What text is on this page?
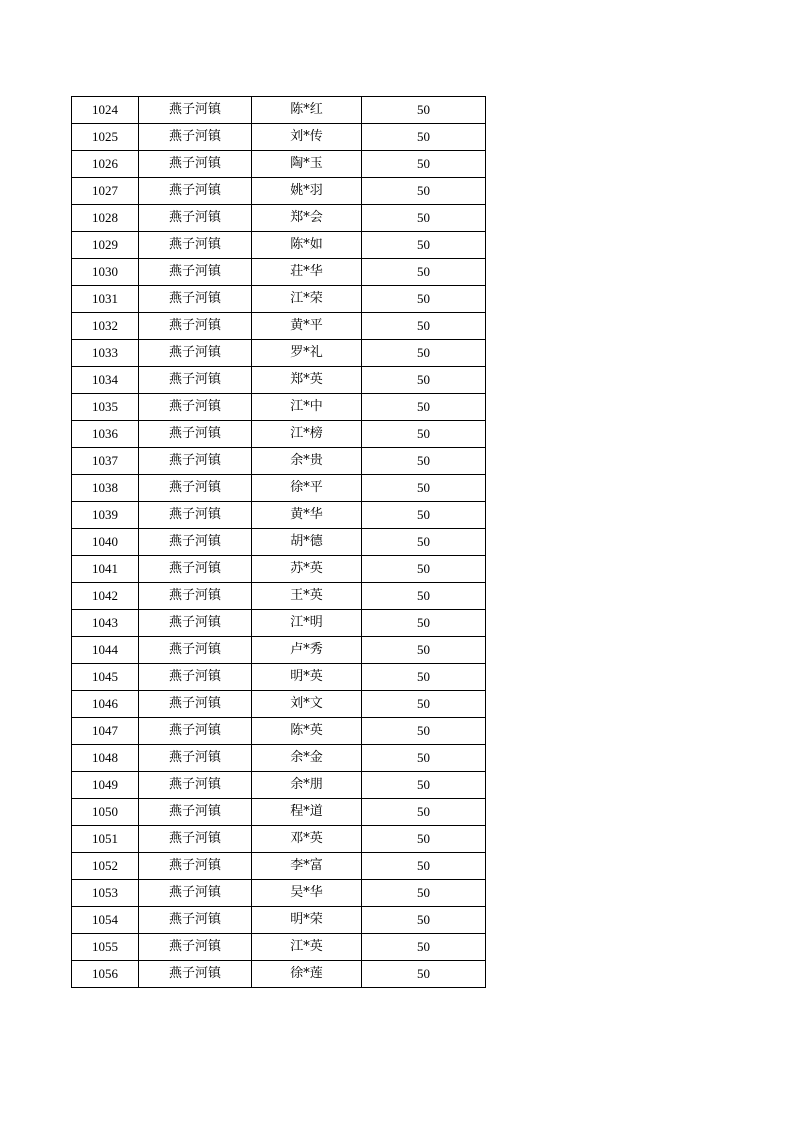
1024	燕子河镇	陈*红	50
1025	燕子河镇	刘*传	50
1026	燕子河镇	陶*玉	50
1027	燕子河镇	姚*羽	50
1028	燕子河镇	郑*会	50
1029	燕子河镇	陈*如	50
1030	燕子河镇	荘*华	50
1031	燕子河镇	江*荣	50
1032	燕子河镇	黄*平	50
1033	燕子河镇	罗*礼	50
1034	燕子河镇	郑*英	50
1035	燕子河镇	江*中	50
1036	燕子河镇	江*榜	50
1037	燕子河镇	余*贵	50
1038	燕子河镇	徐*平	50
1039	燕子河镇	黄*华	50
1040	燕子河镇	胡*德	50
1041	燕子河镇	苏*英	50
1042	燕子河镇	王*英	50
1043	燕子河镇	江*明	50
1044	燕子河镇	卢*秀	50
1045	燕子河镇	明*英	50
1046	燕子河镇	刘*文	50
1047	燕子河镇	陈*英	50
1048	燕子河镇	余*金	50
1049	燕子河镇	余*朋	50
1050	燕子河镇	程*道	50
1051	燕子河镇	邓*英	50
1052	燕子河镇	李*富	50
1053	燕子河镇	吴*华	50
1054	燕子河镇	明*荣	50
1055	燕子河镇	江*英	50
1056	燕子河镇	徐*莲	50
